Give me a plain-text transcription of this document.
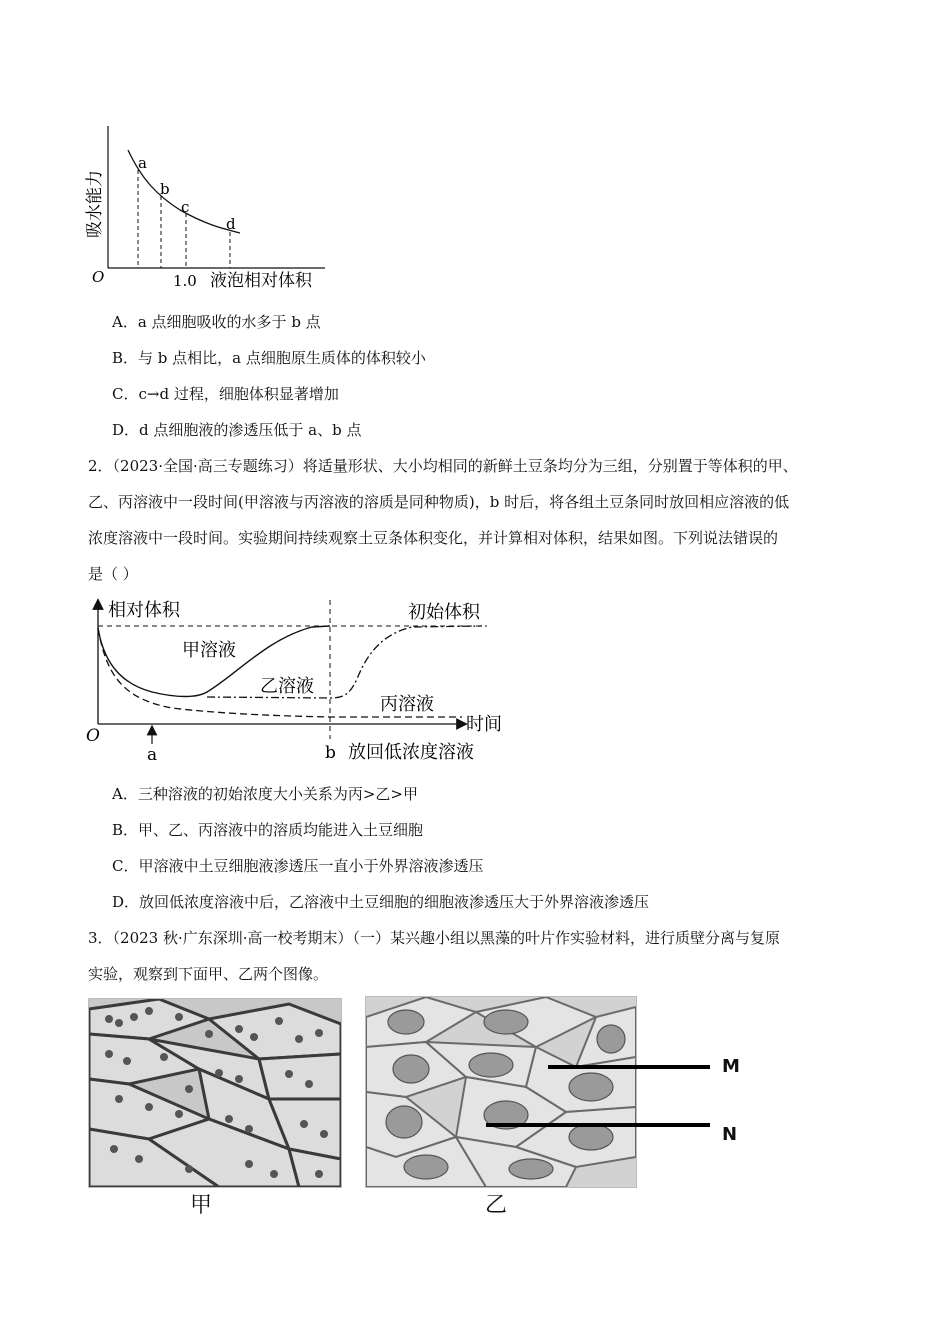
a
b
c
d
O	1.0 液泡相对体积
吸水能力
A．a 点细胞吸收的水多于 b 点
B．与 b 点相比，a 点细胞原生质体的体积较小
C．c→d 过程，细胞体积显著增加
D．d 点细胞液的渗透压低于 a、b 点
2．（2023·全国·高三专题练习）将适量形状、大小均相同的新鲜土豆条均分为三组，分别置于等体积的甲、
乙、丙溶液中一段时间(甲溶液与丙溶液的溶质是同种物质)，b 时后，将各组土豆条同时放回相应溶液的低
浓度溶液中一段时间。实验期间持续观察土豆条体积变化，并计算相对体积，结果如图。下列说法错误的
是（ ）
相对体积	初始体积
甲溶液
乙溶液
丙溶液
时间
O
a	b 放回低浓度溶液
A．三种溶液的初始浓度大小关系为丙>乙>甲
B．甲、乙、丙溶液中的溶质均能进入土豆细胞
C．甲溶液中土豆细胞液渗透压一直小于外界溶液渗透压
D．放回低浓度溶液中后，乙溶液中土豆细胞的细胞液渗透压大于外界溶液渗透压
3．（2023 秋·广东深圳·高一校考期末）（一）某兴趣小组以黑藻的叶片作实验材料，进行质壁分离与复原
实验，观察到下面甲、乙两个图像。
甲	乙
M
N
